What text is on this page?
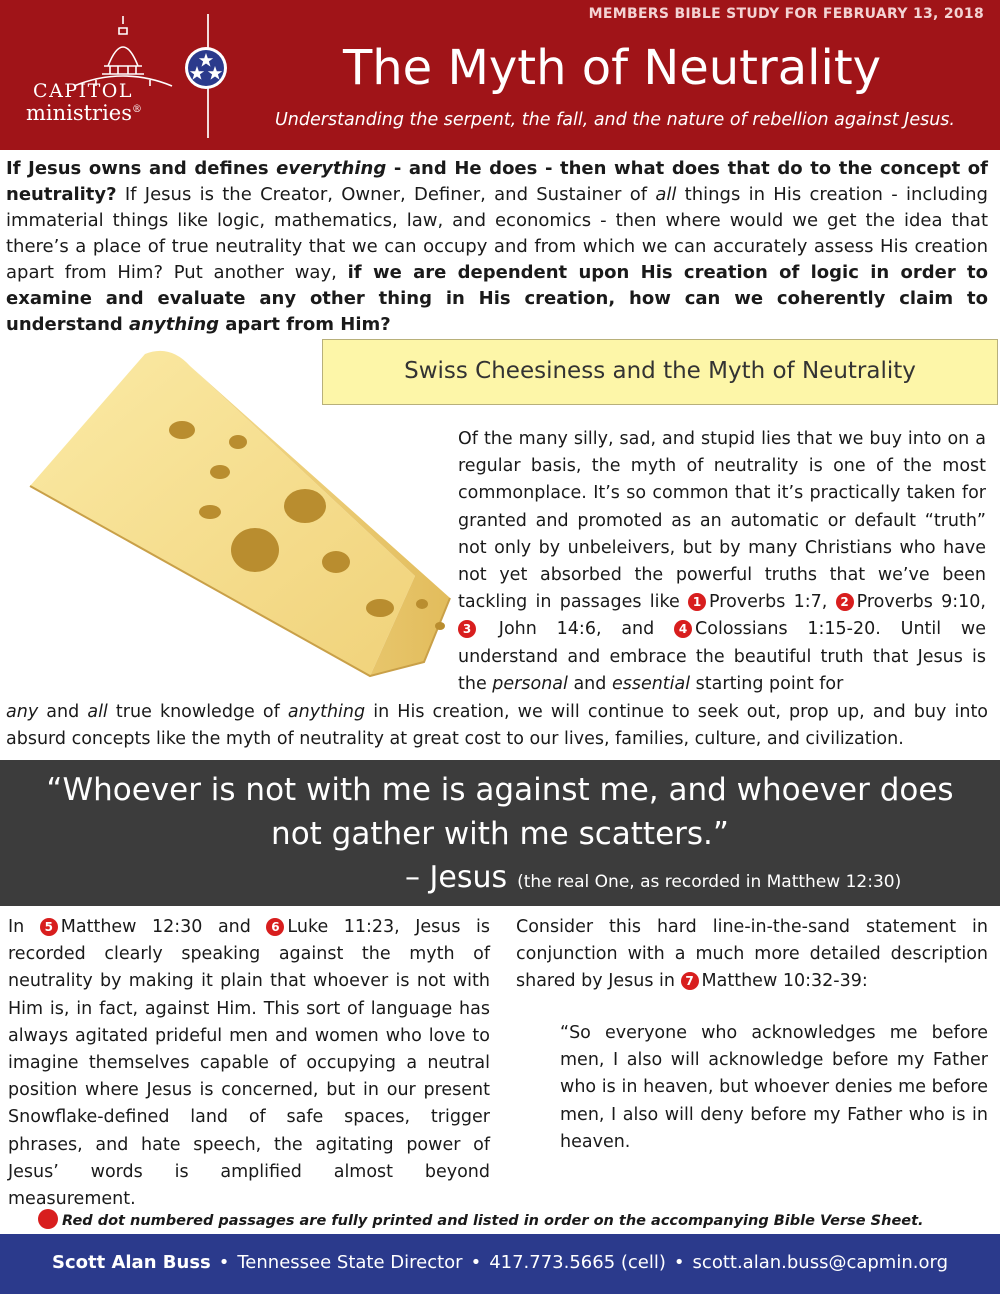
CAPITOL
ministries®
MEMBERS BIBLE STUDY FOR FEBRUARY 13, 2018
The Myth of Neutrality
Understanding the serpent, the fall, and the nature of rebellion against Jesus.

If Jesus owns and defines everything - and He does - then what does that do to the concept of neutrality? If Jesus is the Creator, Owner, Definer, and Sustainer of all things in His creation - including immaterial things like logic, mathematics, law, and economics - then where would we get the idea that there’s a place of true neutrality that we can occupy and from which we can accurately assess His creation apart from Him? Put another way, if we are dependent upon His creation of logic in order to examine and evaluate any other thing in His creation, how can we coherently claim to understand anything apart from Him?

Swiss Cheesiness and the Myth of Neutrality

Of the many silly, sad, and stupid lies that we buy into on a regular basis, the myth of neutrality is one of the most commonplace. It’s so common that it’s practically taken for granted and promoted as an automatic or default “truth” not only by unbeleivers, but by many Christians who have not yet absorbed the powerful truths that we’ve been tackling in passages like 1 Proverbs 1:7, 2 Proverbs 9:10,3 John 14:6, and 4 Colossians 1:15-20. Until we understand and embrace the beautiful truth that Jesus is the personal and essential starting point for

any and all true knowledge of anything in His creation, we will continue to seek out, prop up, and buy into absurd concepts like the myth of neutrality at great cost to our lives, families, culture, and civilization.

“Whoever is not with me is against me, and whoever does not gather with me scatters.”
– Jesus (the real One, as recorded in Matthew 12:30)

In 5 Matthew 12:30 and 6 Luke 11:23, Jesus is recorded clearly speaking against the myth of neutrality by making it plain that whoever is not with Him is, in fact, against Him. This sort of language has always agitated prideful men and women who love to imagine themselves capable of occupying a neutral position where Jesus is concerned, but in our present Snowflake-defined land of safe spaces, trigger phrases, and hate speech, the agitating power of Jesus’ words is amplified almost beyond measurement.

Consider this hard line-in-the-sand statement in conjunction with a much more detailed description shared by Jesus in 7 Matthew 10:32-39:

“So everyone who acknowledges me before men, I also will acknowledge before my Father who is in heaven, but whoever denies me before men, I also will deny before my Father who is in heaven.

Red dot numbered passages are fully printed and listed in order on the accompanying Bible Verse Sheet.
Scott Alan Buss • Tennessee State Director • 417.773.5665 (cell) • scott.alan.buss@capmin.org
